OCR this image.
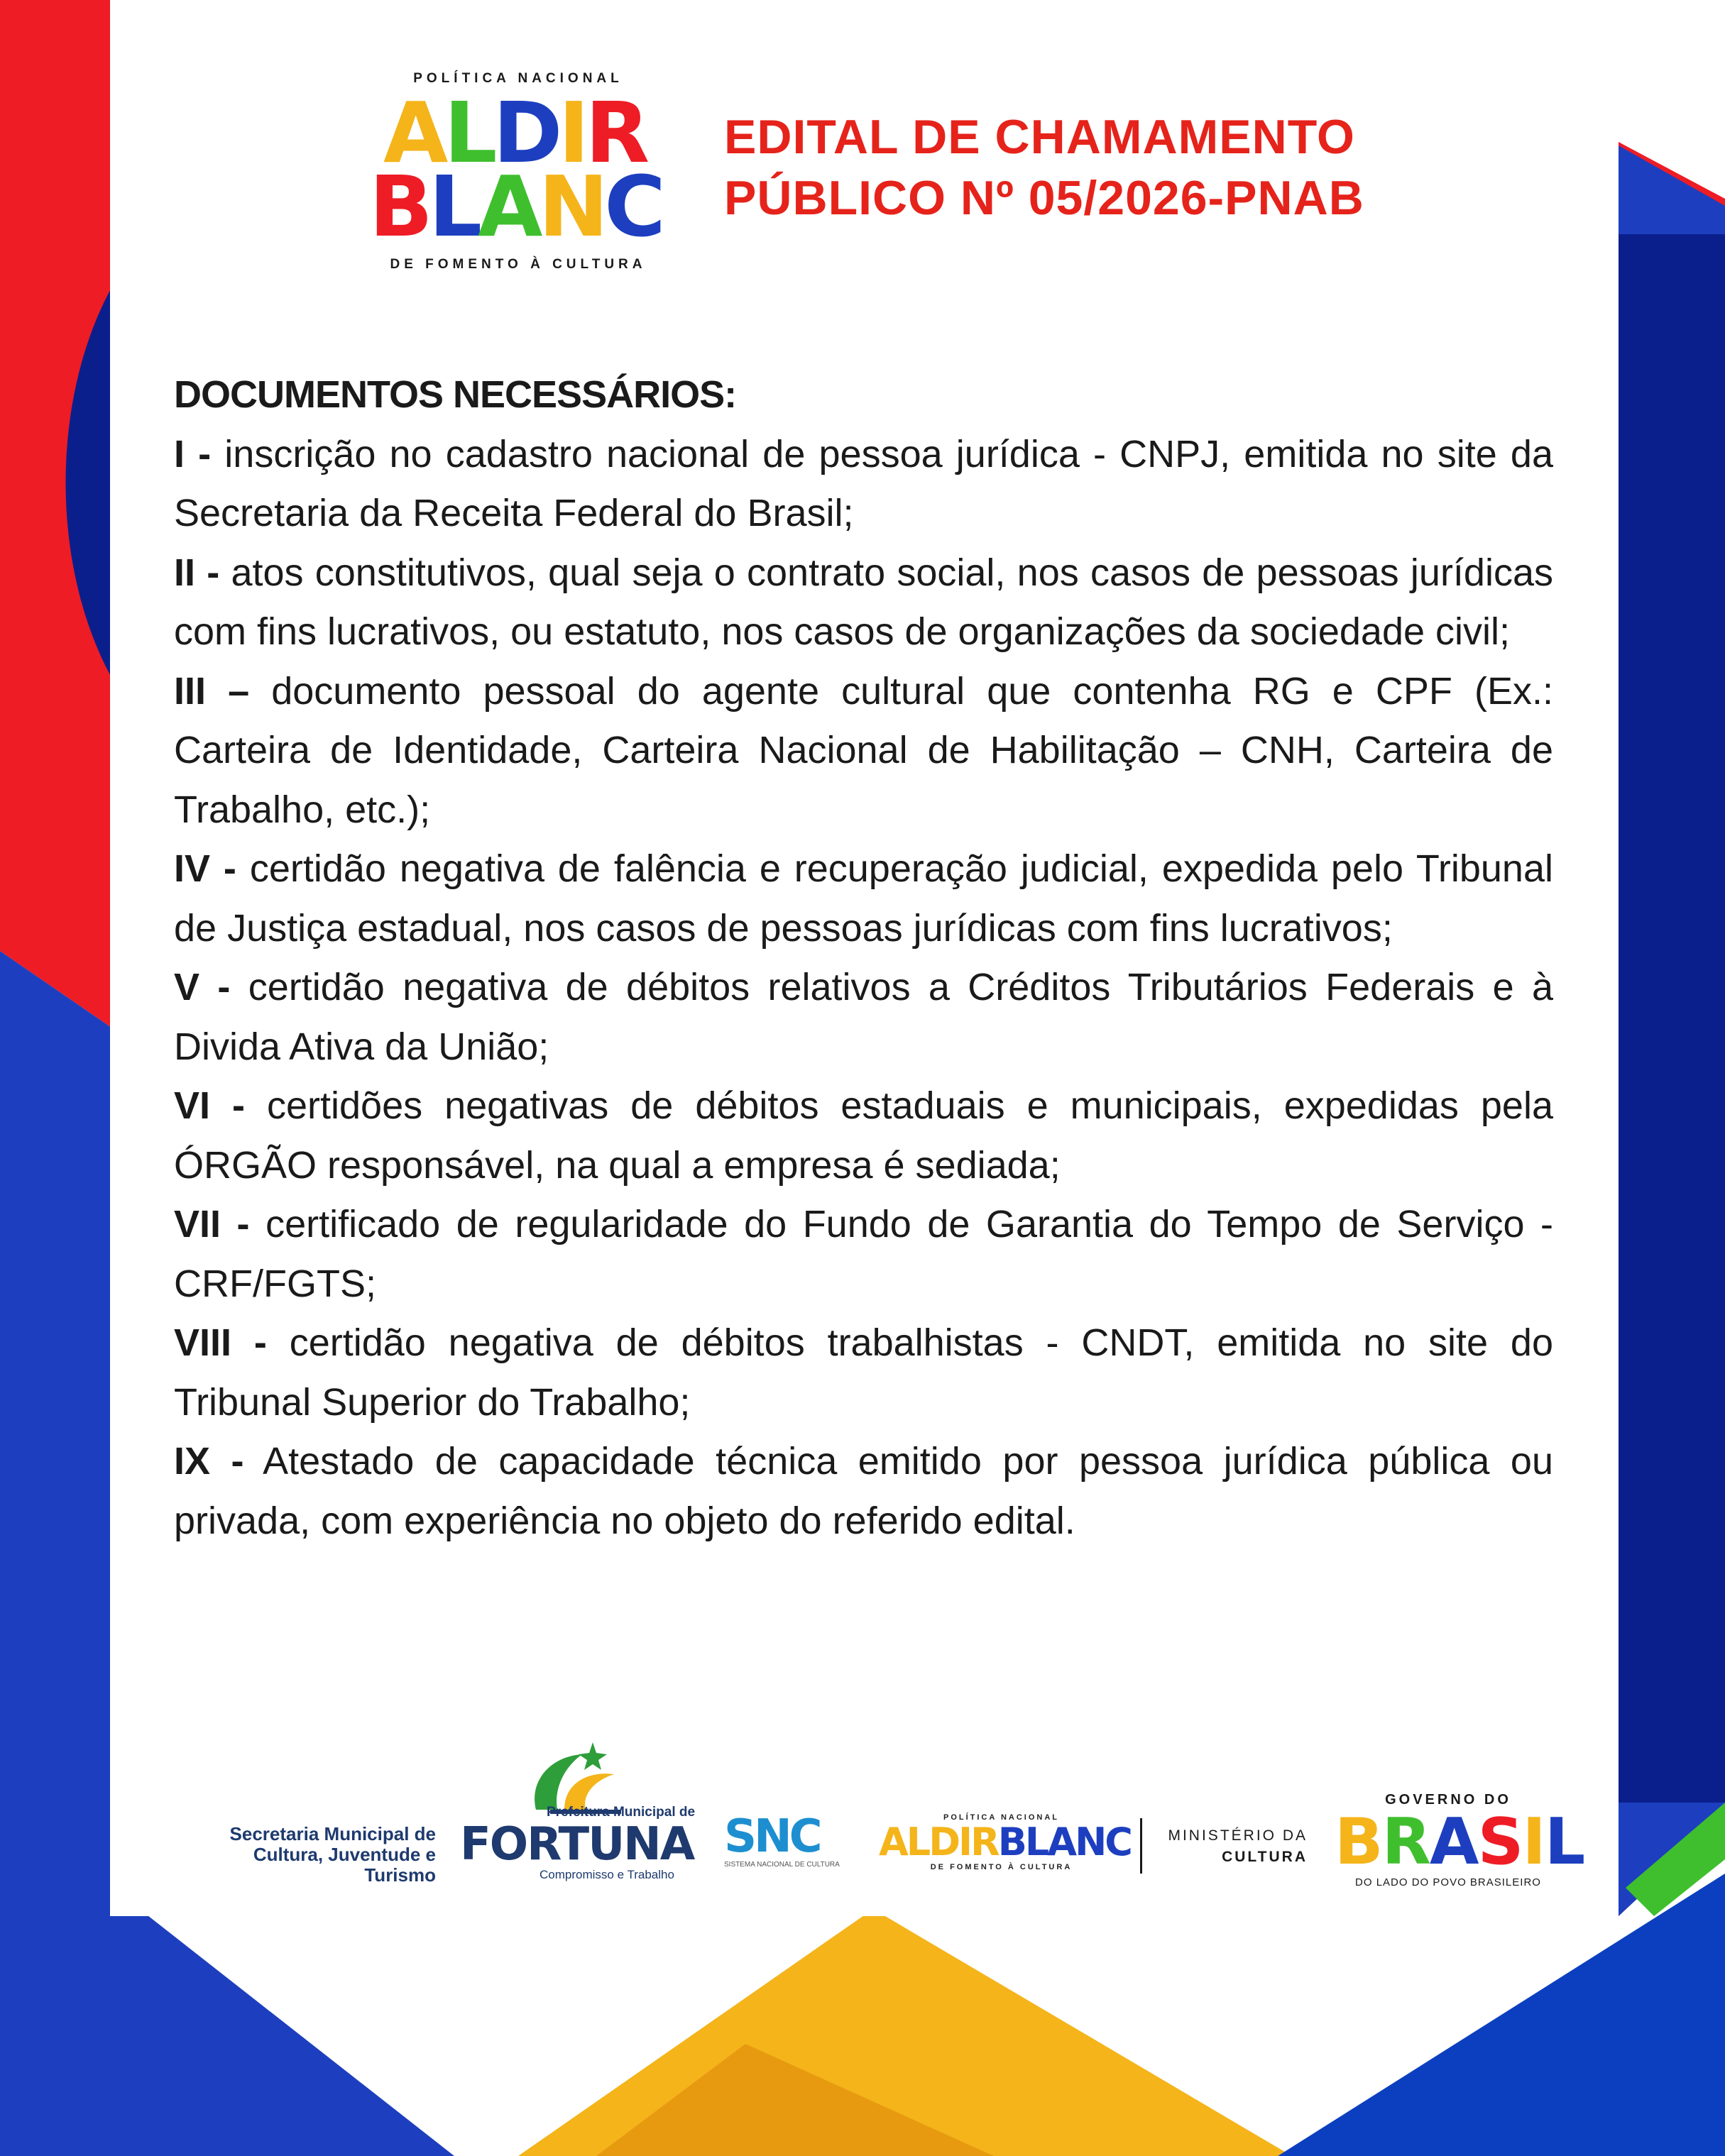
POLÍTICA NACIONAL
ALDIR
BLANC
DE FOMENTO À CULTURA
EDITAL DE CHAMAMENTO
PÚBLICO Nº 05/2026-PNAB

DOCUMENTOS NECESSÁRIOS:

I - inscrição no cadastro nacional de pessoa jurídica - CNPJ, emitida no site da Secretaria da Receita Federal do Brasil;

II - atos constitutivos, qual seja o contrato social, nos casos de pessoas jurídicas com fins lucrativos, ou estatuto, nos casos de organizações da sociedade civil;

III – documento pessoal do agente cultural que contenha RG e CPF (Ex.: Carteira de Identidade, Carteira Nacional de Habilitação – CNH, Carteira de Trabalho, etc.);

IV - certidão negativa de falência e recuperação judicial, expedida pelo Tribunal de Justiça estadual, nos casos de pessoas jurídicas com fins lucrativos;

V - certidão negativa de débitos relativos a Créditos Tributários Federais e à Divida Ativa da União;

VI - certidões negativas de débitos estaduais e municipais, expedidas pela ÓRGÃO responsável, na qual a empresa é sediada;

VII - certificado de regularidade do Fundo de Garantia do Tempo de Serviço - CRF/FGTS;

VIII - certidão negativa de débitos trabalhistas - CNDT, emitida no site do Tribunal Superior do Trabalho;

IX - Atestado de capacidade técnica emitido por pessoa jurídica pública ou privada, com experiência no objeto do referido edital.

Secretaria Municipal de
Cultura, Juventude e
Turismo
Prefeitura Municipal de
FORTUNA
Compromisso e Trabalho
SNC
SISTEMA NACIONAL DE CULTURA
POLÍTICA NACIONAL
ALDIRBLANC
DE FOMENTO À CULTURA
MINISTÉRIO DA
CULTURA
GOVERNO DO
BRASIL
DO LADO DO POVO BRASILEIRO
